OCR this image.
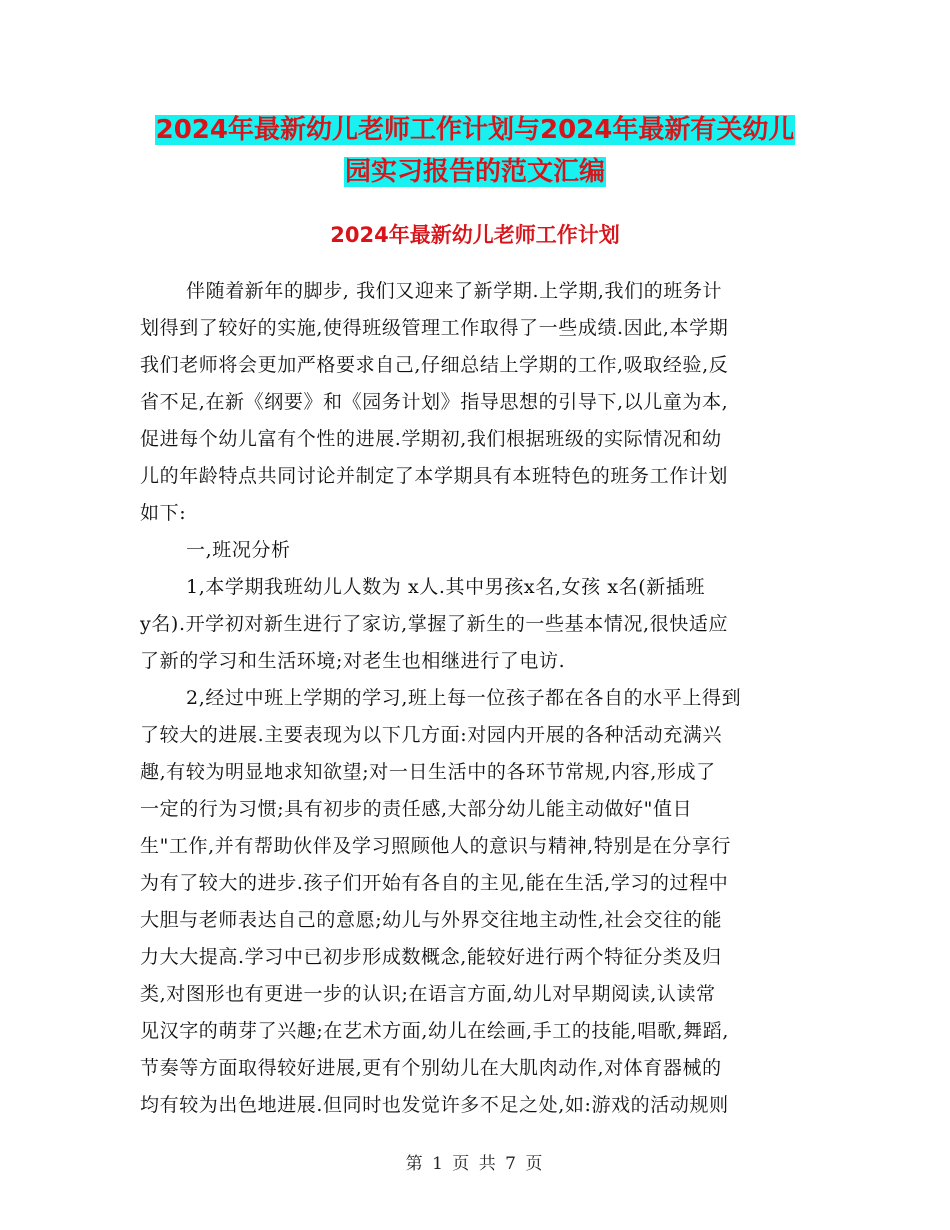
2024年最新幼儿老师工作计划与2024年最新有关幼儿
园实习报告的范文汇编
2024年最新幼儿老师工作计划

伴随着新年的脚步, 我们又迎来了新学期.上学期,我们的班务计

划得到了较好的实施,使得班级管理工作取得了一些成绩.因此,本学期

我们老师将会更加严格要求自己,仔细总结上学期的工作,吸取经验,反

省不足,在新《纲要》和《园务计划》指导思想的引导下,以儿童为本,

促进每个幼儿富有个性的进展.学期初,我们根据班级的实际情况和幼

儿的年龄特点共同讨论并制定了本学期具有本班特色的班务工作计划

如下:

一,班况分析

1,本学期我班幼儿人数为 x人.其中男孩x名,女孩 x名(新插班

y名).开学初对新生进行了家访,掌握了新生的一些基本情况,很快适应

了新的学习和生活环境;对老生也相继进行了电访.

2,经过中班上学期的学习,班上每一位孩子都在各自的水平上得到

了较大的进展.主要表现为以下几方面:对园内开展的各种活动充满兴

趣,有较为明显地求知欲望;对一日生活中的各环节常规,内容,形成了

一定的行为习惯;具有初步的责任感,大部分幼儿能主动做好"值日

生"工作,并有帮助伙伴及学习照顾他人的意识与精神,特别是在分享行

为有了较大的进步.孩子们开始有各自的主见,能在生活,学习的过程中

大胆与老师表达自己的意愿;幼儿与外界交往地主动性,社会交往的能

力大大提高.学习中已初步形成数概念,能较好进行两个特征分类及归

类,对图形也有更进一步的认识;在语言方面,幼儿对早期阅读,认读常

见汉字的萌芽了兴趣;在艺术方面,幼儿在绘画,手工的技能,唱歌,舞蹈,

节奏等方面取得较好进展,更有个别幼儿在大肌肉动作,对体育器械的

均有较为出色地进展.但同时也发觉许多不足之处,如:游戏的活动规则

第 1 页 共 7 页
